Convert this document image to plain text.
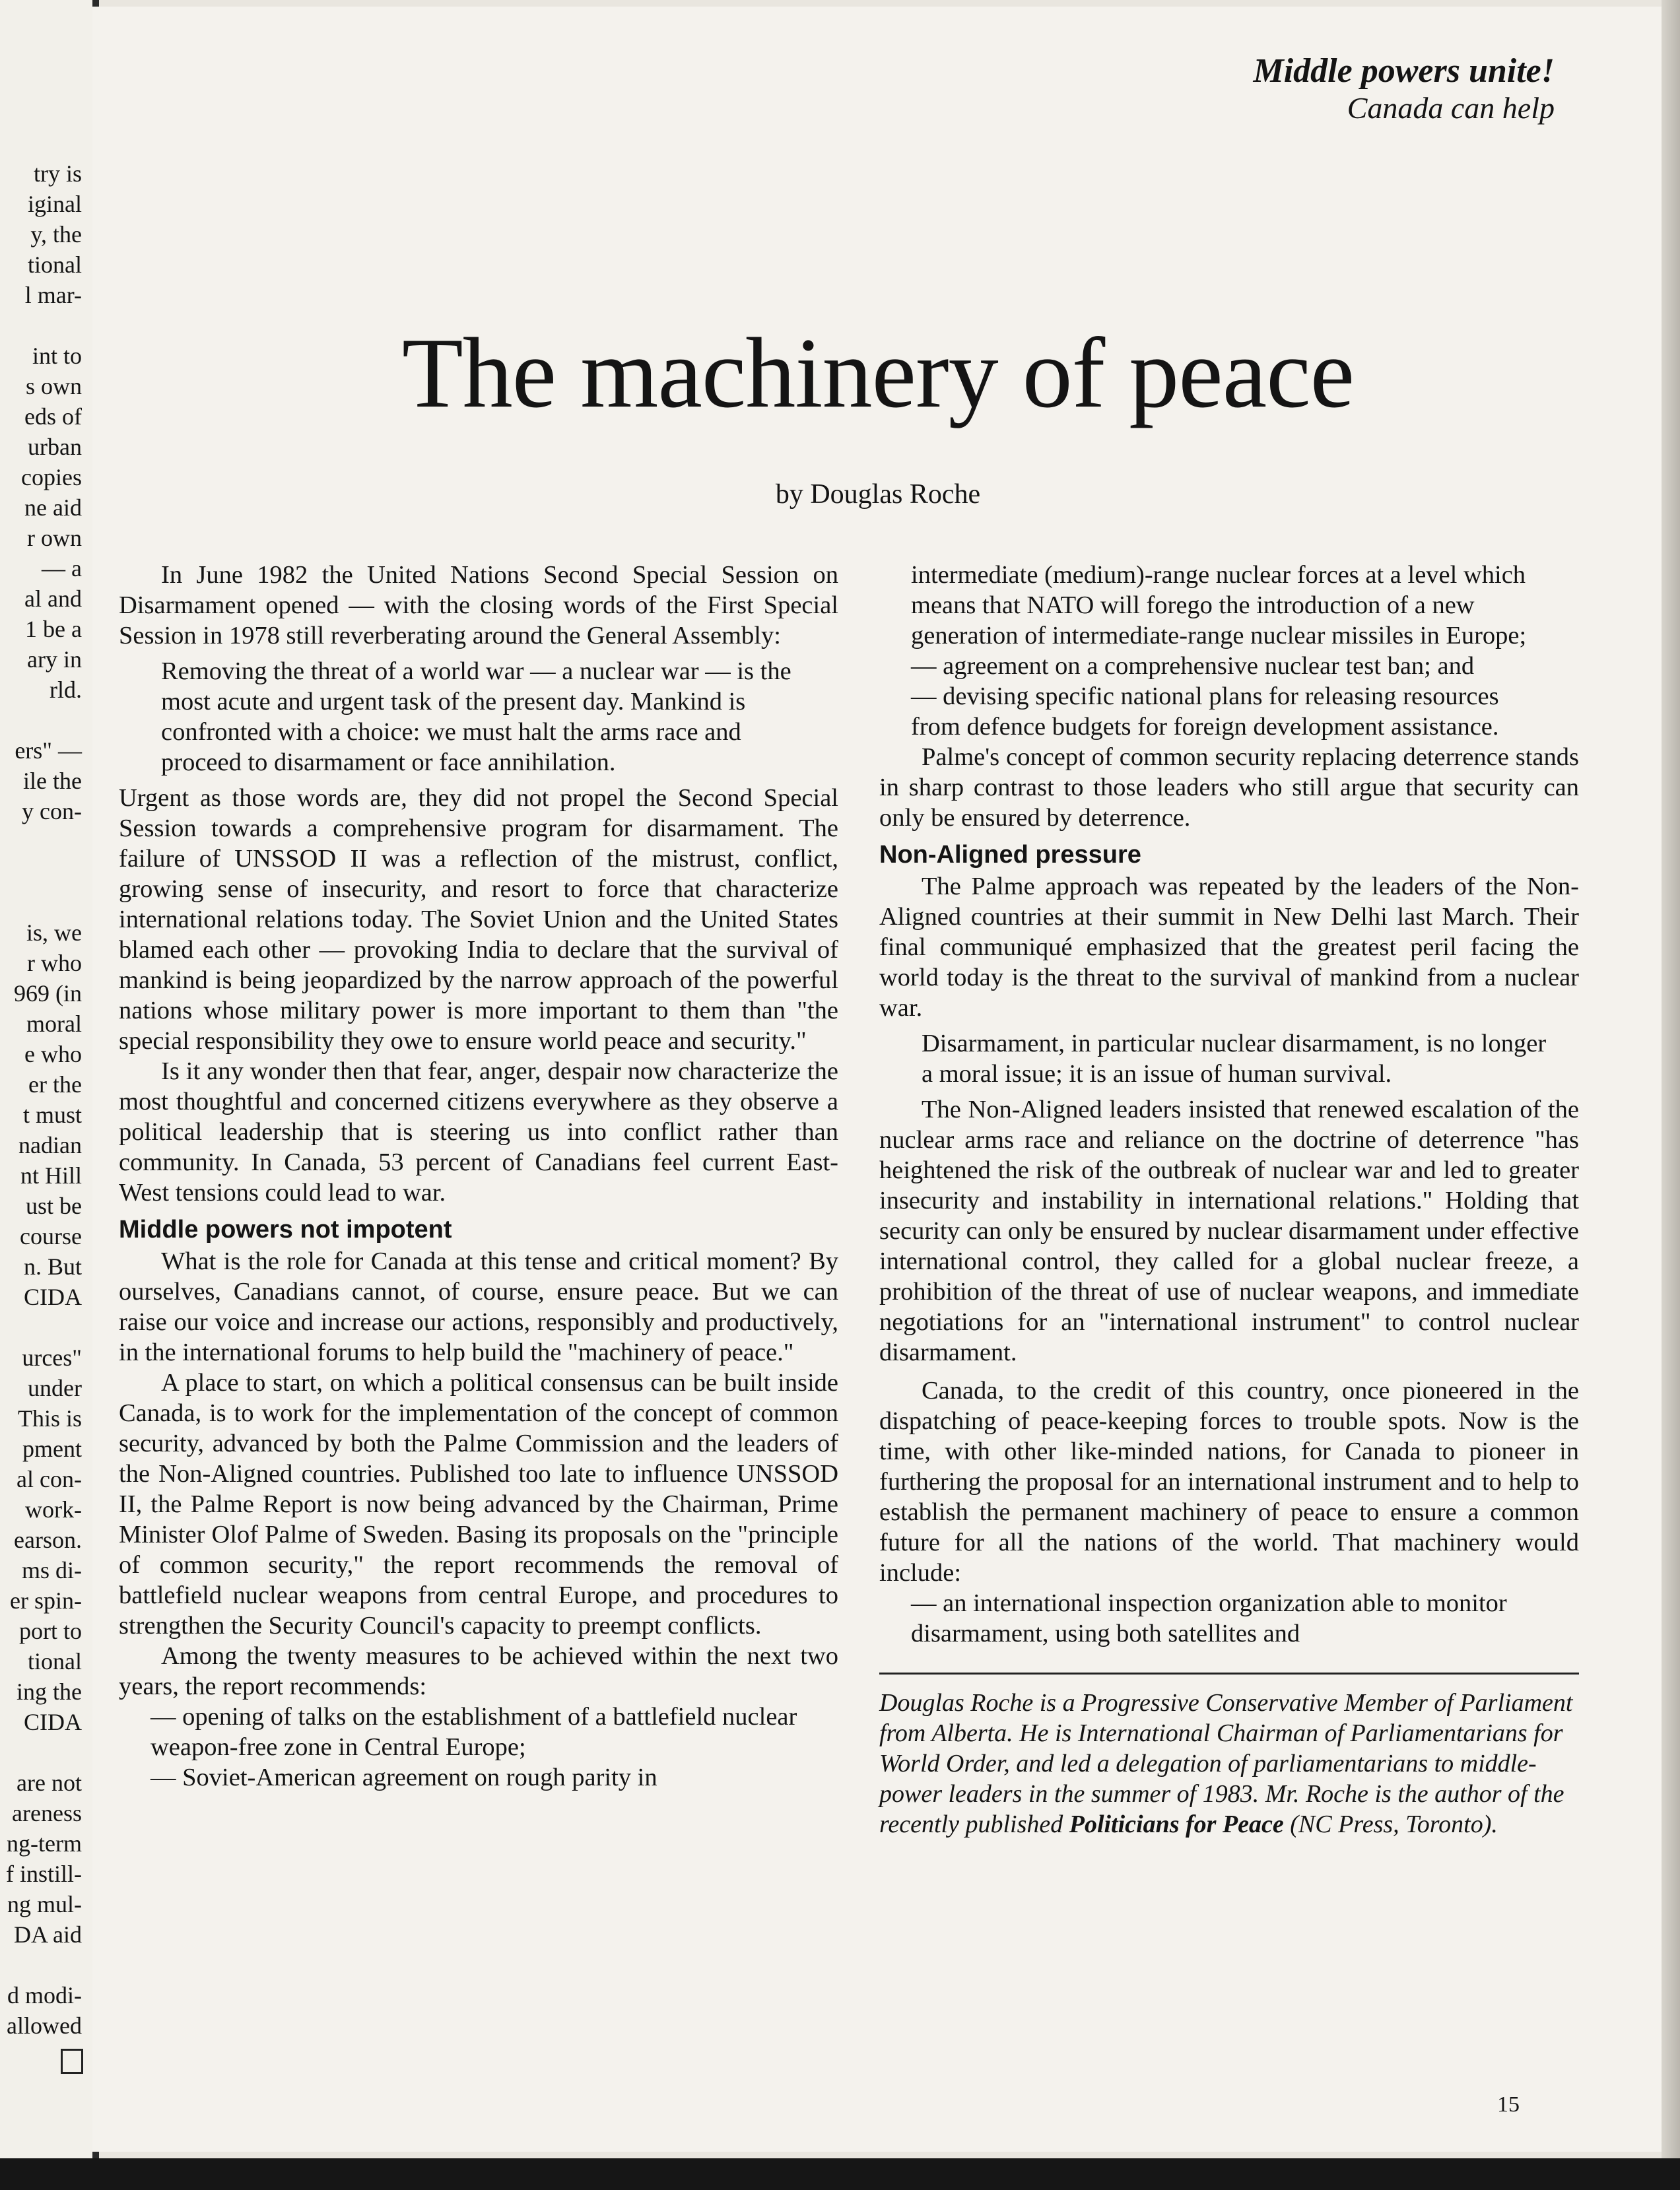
try is
iginal
y, the
tional
l mar-
int to
s own
eds of
urban
copies
ne aid
r own
— a
al and
1 be a
ary in
rld.
ers" —
ile the
y con-
is, we
r who
969 (in
moral
e who
er the
t must
nadian
nt Hill
ust be
course
n. But
CIDA
urces"
under
This is
pment
al con-
work-
earson.
ms di-
er spin-
port to
tional
ing the
CIDA
are not
areness
ng-term
f instill-
ng mul-
DA aid
d modi-
allowed
Middle powers unite!
Canada can help
The machinery of peace
by Douglas Roche

In June 1982 the United Nations Second Special Session on Disarmament opened — with the closing words of the First Special Session in 1978 still reverberating around the General Assembly:

Removing the threat of a world war — a nuclear war — is the most acute and urgent task of the present day. Mankind is confronted with a choice: we must halt the arms race and proceed to disarmament or face annihilation.

Urgent as those words are, they did not propel the Second Special Session towards a comprehensive program for disarmament. The failure of UNSSOD II was a reflection of the mistrust, conflict, growing sense of insecurity, and resort to force that characterize international relations today. The Soviet Union and the United States blamed each other — provoking India to declare that the survival of mankind is being jeopardized by the narrow approach of the powerful nations whose military power is more important to them than "the special responsibility they owe to ensure world peace and security."

Is it any wonder then that fear, anger, despair now characterize the most thoughtful and concerned citizens everywhere as they observe a political leadership that is steering us into conflict rather than community. In Canada, 53 percent of Canadians feel current East-West tensions could lead to war.

Middle powers not impotent

What is the role for Canada at this tense and critical moment? By ourselves, Canadians cannot, of course, ensure peace. But we can raise our voice and increase our actions, responsibly and productively, in the international forums to help build the "machinery of peace."

A place to start, on which a political consensus can be built inside Canada, is to work for the implementation of the concept of common security, advanced by both the Palme Commission and the leaders of the Non-Aligned countries. Published too late to influence UNSSOD II, the Palme Report is now being advanced by the Chairman, Prime Minister Olof Palme of Sweden. Basing its proposals on the "principle of common security," the report recommends the removal of battlefield nuclear weapons from central Europe, and procedures to strengthen the Security Council's capacity to preempt conflicts.

Among the twenty measures to be achieved within the next two years, the report recommends:

— opening of talks on the establishment of a battlefield nuclear weapon-free zone in Central Europe;

— Soviet-American agreement on rough parity in

intermediate (medium)-range nuclear forces at a level which means that NATO will forego the introduction of a new generation of intermediate-range nuclear missiles in Europe;

— agreement on a comprehensive nuclear test ban; and

— devising specific national plans for releasing resources from defence budgets for foreign development assistance.

Palme's concept of common security replacing deterrence stands in sharp contrast to those leaders who still argue that security can only be ensured by deterrence.

Non-Aligned pressure

The Palme approach was repeated by the leaders of the Non-Aligned countries at their summit in New Delhi last March. Their final communiqué emphasized that the greatest peril facing the world today is the threat to the survival of mankind from a nuclear war.

Disarmament, in particular nuclear disarmament, is no longer a moral issue; it is an issue of human survival.

The Non-Aligned leaders insisted that renewed escalation of the nuclear arms race and reliance on the doctrine of deterrence "has heightened the risk of the outbreak of nuclear war and led to greater insecurity and instability in international relations." Holding that security can only be ensured by nuclear disarmament under effective international control, they called for a global nuclear freeze, a prohibition of the threat of use of nuclear weapons, and immediate negotiations for an "international instrument" to control nuclear disarmament.

Canada, to the credit of this country, once pioneered in the dispatching of peace-keeping forces to trouble spots. Now is the time, with other like-minded nations, for Canada to pioneer in furthering the proposal for an international instrument and to help to establish the permanent machinery of peace to ensure a common future for all the nations of the world. That machinery would include:

— an international inspection organization able to monitor disarmament, using both satellites and

Douglas Roche is a Progressive Conservative Member of Parliament from Alberta. He is International Chairman of Parliamentarians for World Order, and led a delegation of parliamentarians to middle-power leaders in the summer of 1983. Mr. Roche is the author of the recently published Politicians for Peace (NC Press, Toronto).

15
